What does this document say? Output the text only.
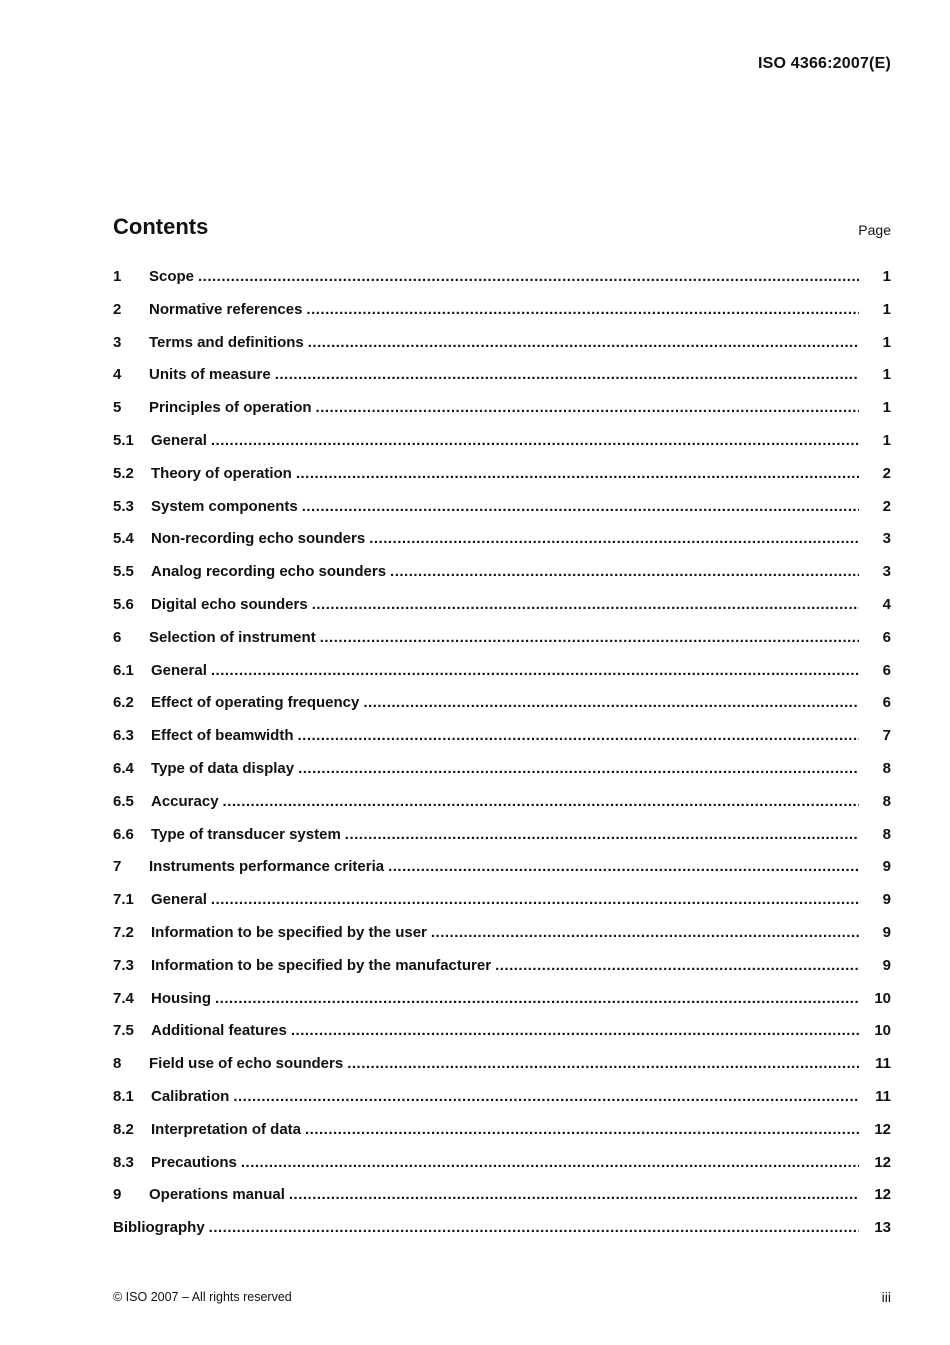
ISO 4366:2007(E)
Contents	Page
1	Scope .....	1
2	Normative references .....	1
3	Terms and definitions .....	1
4	Units of measure .....	1
5	Principles of operation .....	1
5.1	General .....	1
5.2	Theory of operation .....	2
5.3	System components .....	2
5.4	Non-recording echo sounders .....	3
5.5	Analog recording echo sounders .....	3
5.6	Digital echo sounders .....	4
6	Selection of instrument .....	6
6.1	General .....	6
6.2	Effect of operating frequency .....	6
6.3	Effect of beamwidth .....	7
6.4	Type of data display .....	8
6.5	Accuracy .....	8
6.6	Type of transducer system .....	8
7	Instruments performance criteria .....	9
7.1	General .....	9
7.2	Information to be specified by the user .....	9
7.3	Information to be specified by the manufacturer .....	9
7.4	Housing .....	10
7.5	Additional features .....	10
8	Field use of echo sounders .....	11
8.1	Calibration .....	11
8.2	Interpretation of data .....	12
8.3	Precautions .....	12
9	Operations manual .....	12
Bibliography .....	13
© ISO 2007 – All rights reserved	iii
